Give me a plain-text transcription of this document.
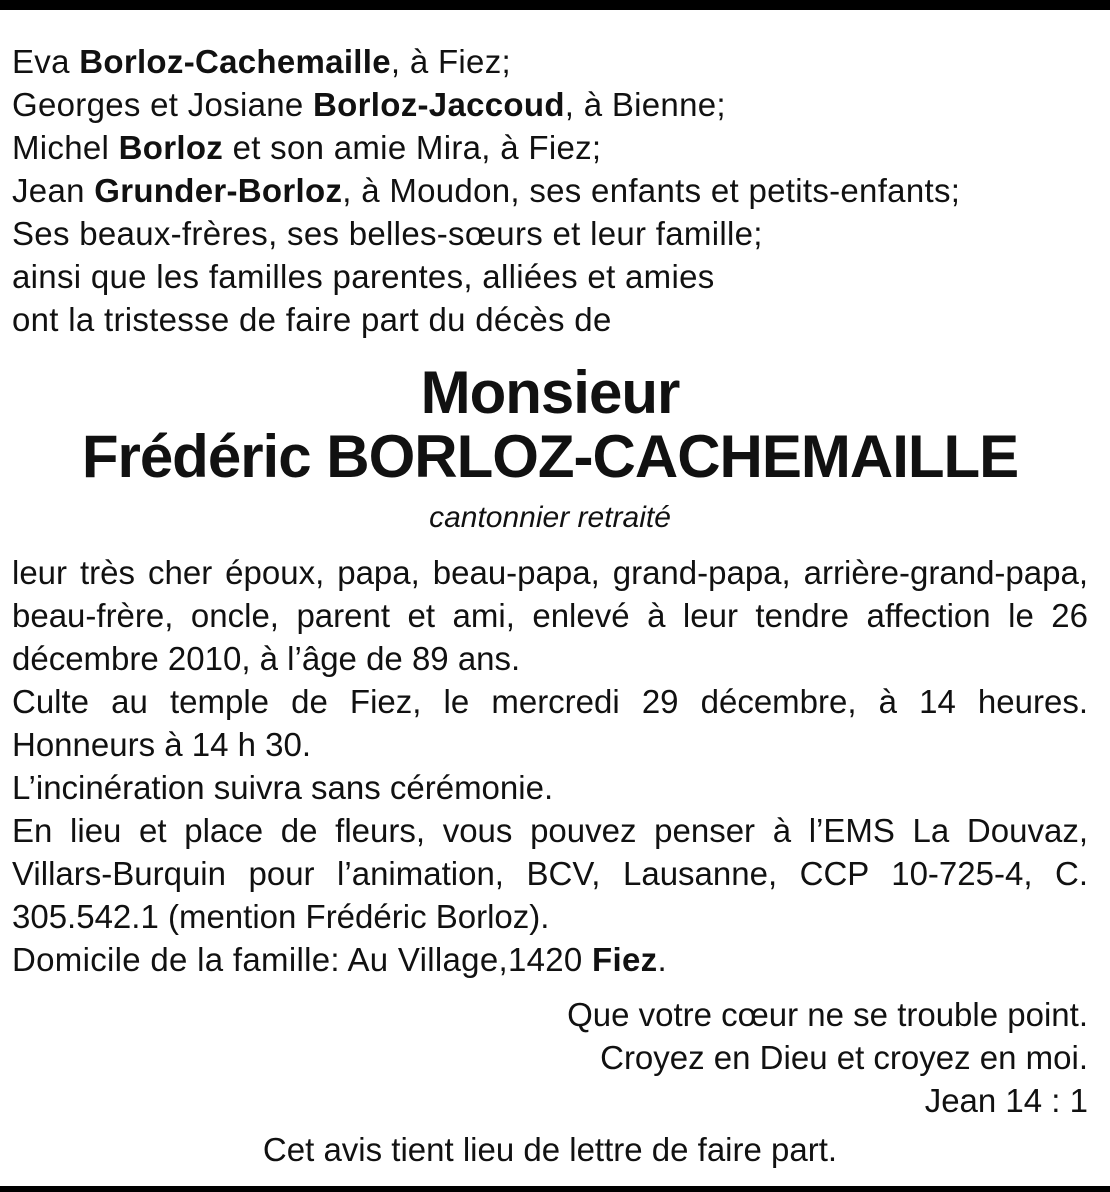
Eva Borloz-Cachemaille, à Fiez;
Georges et Josiane Borloz-Jaccoud, à Bienne;
Michel Borloz et son amie Mira, à Fiez;
Jean Grunder-Borloz, à Moudon, ses enfants et petits-enfants;
Ses beaux-frères, ses belles-sœurs et leur famille;
ainsi que les familles parentes, alliées et amies
ont la tristesse de faire part du décès de
Monsieur
Frédéric BORLOZ-CACHEMAILLE
cantonnier retraité
leur très cher époux, papa, beau-papa, grand-papa, arrière-grand-papa, beau-frère, oncle, parent et ami, enlevé à leur tendre affection le 26 décembre 2010, à l’âge de 89 ans.
Culte au temple de Fiez, le mercredi 29 décembre, à 14 heures. Honneurs à 14 h 30.
L’incinération suivra sans cérémonie.
En lieu et place de fleurs, vous pouvez penser à l’EMS La Douvaz, Villars-Burquin pour l’animation, BCV, Lausanne, CCP 10-725-4, C. 305.542.1 (mention Frédéric Borloz).
Domicile de la famille: Au Village,1420 Fiez.
Que votre cœur ne se trouble point.
Croyez en Dieu et croyez en moi.
Jean 14 : 1
Cet avis tient lieu de lettre de faire part.
